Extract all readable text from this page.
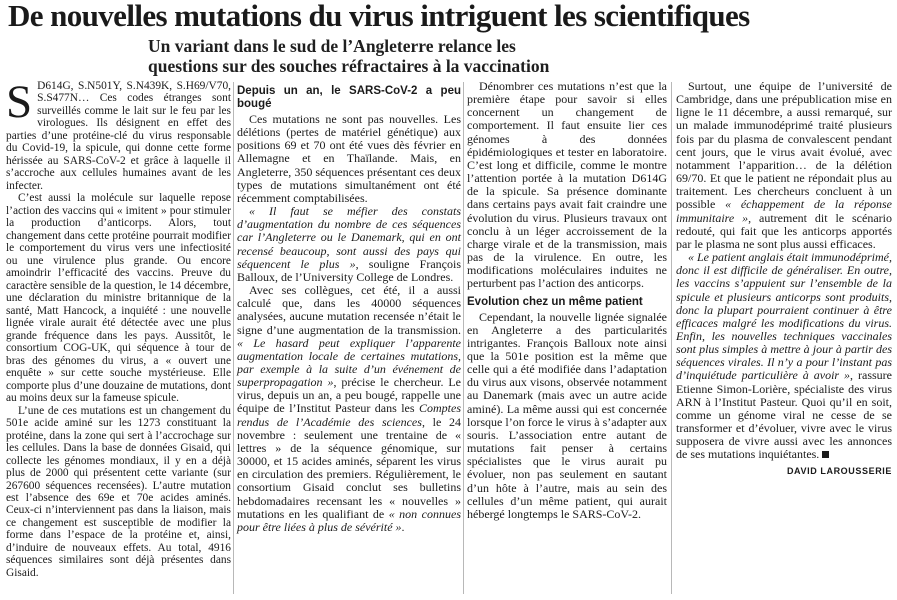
De nouvelles mutations du virus intriguent les scientifiques
Un variant dans le sud de l’Angleterre relance les
questions sur des souches réfractaires à la vaccination

S D614G, S.N501Y, S.N439K, S.H69/V70, S.S477N… Ces codes étranges sont surveillés comme le lait sur le feu par les virologues. Ils désignent en effet des parties d’une protéine-clé du virus responsable du Covid-19, la spicule, qui donne cette forme hérissée au SARS-CoV-2 et grâce à laquelle il s’accroche aux cellules humaines avant de les infecter.

C’est aussi la molécule sur laquelle repose l’action des vaccins qui « imitent » pour stimuler la production d’anticorps. Alors, tout changement dans cette protéine pourrait modifier le comportement du virus vers une infectiosité ou une virulence plus grande. Ou encore amoindrir l’efficacité des vaccins. Preuve du caractère sensible de la question, le 14 décembre, une déclaration du ministre britannique de la santé, Matt Hancock, a inquiété : une nouvelle lignée virale aurait été détectée avec une plus grande fréquence dans les pays. Aussitôt, le consortium COG-UK, qui séquence à tour de bras des génomes du virus, a « ouvert une enquête » sur cette souche mystérieuse. Elle comporte plus d’une douzaine de mutations, dont au moins deux sur la fameuse spicule.

L’une de ces mutations est un changement du 501e acide aminé sur les 1273 constituant la protéine, dans la zone qui sert à l’accrochage sur les cellules. Dans la base de données Gisaid, qui collecte les génomes mondiaux, il y en a déjà plus de 2000 qui présentent cette variante (sur 267600 séquences recensées). L’autre mutation est l’absence des 69e et 70e acides aminés. Ceux-ci n’interviennent pas dans la liaison, mais ce changement est susceptible de modifier la forme dans l’espace de la protéine et, ainsi, d’induire de nouveaux effets. Au total, 4916 séquences similaires sont déjà présentes dans Gisaid.

Depuis un an, le SARS-CoV-2 a peu bougé

Ces mutations ne sont pas nouvelles. Les délétions (pertes de matériel génétique) aux positions 69 et 70 ont été vues dès février en Allemagne et en Thaïlande. Mais, en Angleterre, 350 séquences présentant ces deux types de mutations simultanément ont été récemment comptabilisées.

« Il faut se méfier des constats d’augmentation du nombre de ces séquences car l’Angleterre ou le Danemark, qui en ont recensé beaucoup, sont aussi des pays qui séquencent le plus », souligne François Balloux, de l’University College de Londres.

Avec ses collègues, cet été, il a aussi calculé que, dans les 40000 séquences analysées, aucune mutation recensée n’était le signe d’une augmentation de la transmission. « Le hasard peut expliquer l’apparente augmentation locale de certaines mutations, par exemple à la suite d’un événement de superpropagation », précise le chercheur. Le virus, depuis un an, a peu bougé, rappelle une équipe de l’Institut Pasteur dans les Comptes rendus de l’Académie des sciences, le 24 novembre : seulement une trentaine de « lettres » de la séquence génomique, sur 30000, et 15 acides aminés, séparent les virus en circulation des premiers. Régulièrement, le consortium Gisaid conclut ses bulletins hebdomadaires recensant les « nouvelles » mutations en les qualifiant de « non connues pour être liées à plus de sévérité ».

Dénombrer ces mutations n’est que la première étape pour savoir si elles concernent un changement de comportement. Il faut ensuite lier ces génomes à des données épidémiologiques et tester en laboratoire. C’est long et difficile, comme le montre l’attention portée à la mutation D614G de la spicule. Sa présence dominante dans certains pays avait fait craindre une évolution du virus. Plusieurs travaux ont conclu à un léger accroissement de la charge virale et de la transmission, mais pas de la virulence. En outre, les modifications moléculaires induites ne perturbent pas l’action des anticorps.

Evolution chez un même patient

Cependant, la nouvelle lignée signalée en Angleterre a des particularités intrigantes. François Balloux note ainsi que la 501e position est la même que celle qui a été modifiée dans l’adaptation du virus aux visons, observée notamment au Danemark (mais avec un autre acide aminé). La même aussi qui est concernée lorsque l’on force le virus à s’adapter aux souris. L’association entre autant de mutations fait penser à certains spécialistes que le virus aurait pu évoluer, non pas seulement en sautant d’un hôte à l’autre, mais au sein des cellules d’un même patient, qui aurait hébergé longtemps le SARS-CoV-2.

Surtout, une équipe de l’université de Cambridge, dans une prépublication mise en ligne le 11 décembre, a aussi remarqué, sur un malade immunodéprimé traité plusieurs fois par du plasma de convalescent pendant cent jours, que le virus avait évolué, avec notamment l’apparition… de la délétion 69/70. Et que le patient ne répondait plus au traitement. Les chercheurs concluent à un possible « échappement de la réponse immunitaire », autrement dit le scénario redouté, qui fait que les anticorps apportés par le plasma ne sont plus aussi efficaces.

« Le patient anglais était immunodéprimé, donc il est difficile de généraliser. En outre, les vaccins s’appuient sur l’ensemble de la spicule et plusieurs anticorps sont produits, donc la plupart pourraient continuer à être efficaces malgré les modifications du virus. Enfin, les nouvelles techniques vaccinales sont plus simples à mettre à jour à partir des séquences virales. Il n’y a pour l’instant pas d’inquiétude particulière à avoir », rassure Etienne Simon-Lorière, spécialiste des virus ARN à l’Institut Pasteur. Quoi qu’il en soit, comme un génome viral ne cesse de se transformer et d’évoluer, vivre avec le virus supposera de vivre aussi avec les annonces de ses mutations inquiétantes.

DAVID LAROUSSERIE
